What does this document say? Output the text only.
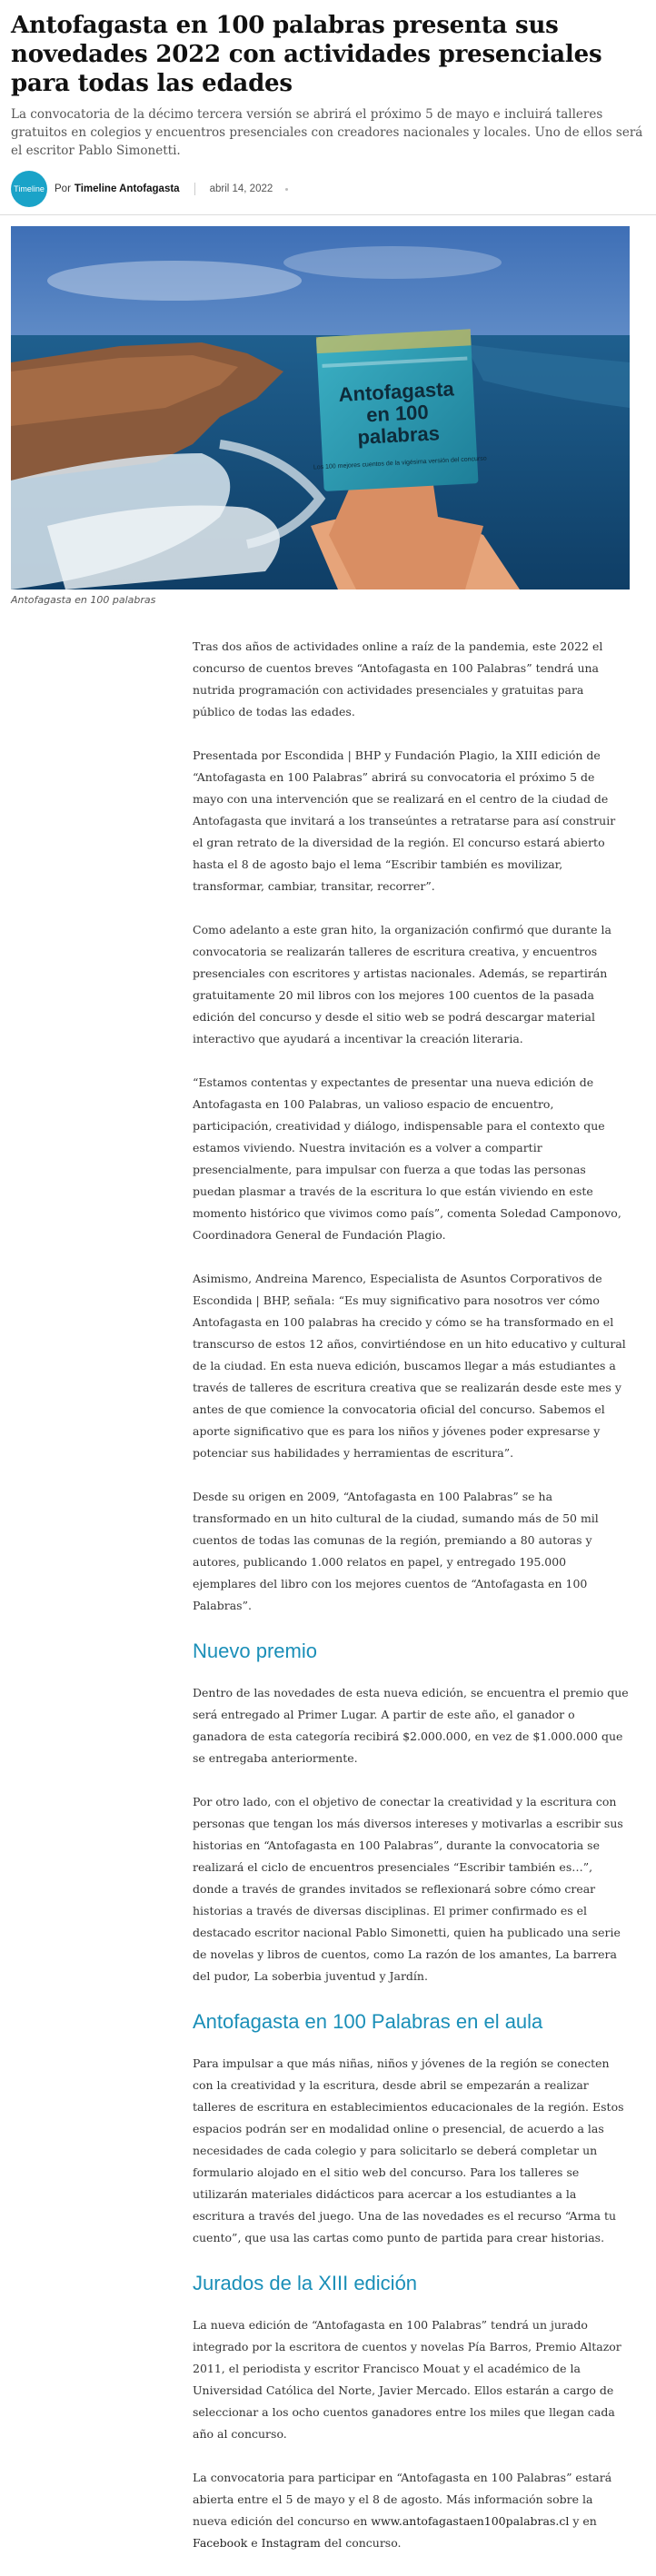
Antofagasta en 100 palabras presenta sus novedades 2022 con actividades presenciales para todas las edades
La convocatoria de la décimo tercera versión se abrirá el próximo 5 de mayo e incluirá talleres gratuitos en colegios y encuentros presenciales con creadores nacionales y locales. Uno de ellos será el escritor Pablo Simonetti.
Timeline Por Timeline Antofagasta	abril 14, 2022
Antofagasta
en 100
palabras
Los 100 mejores cuentos de la vigésima versión del concurso
Antofagasta en 100 palabras

Tras dos años de actividades online a raíz de la pandemia, este 2022 el concurso de cuentos breves “Antofagasta en 100 Palabras” tendrá una nutrida programación con actividades presenciales y gratuitas para público de todas las edades.

Presentada por Escondida | BHP y Fundación Plagio, la XIII edición de “Antofagasta en 100 Palabras” abrirá su convocatoria el próximo 5 de mayo con una intervención que se realizará en el centro de la ciudad de Antofagasta que invitará a los transeúntes a retratarse para así construir el gran retrato de la diversidad de la región. El concurso estará abierto hasta el 8 de agosto bajo el lema “Escribir también es movilizar, transformar, cambiar, transitar, recorrer”.

Como adelanto a este gran hito, la organización confirmó que durante la convocatoria se realizarán talleres de escritura creativa, y encuentros presenciales con escritores y artistas nacionales. Además, se repartirán gratuitamente 20 mil libros con los mejores 100 cuentos de la pasada edición del concurso y desde el sitio web se podrá descargar material interactivo que ayudará a incentivar la creación literaria.

“Estamos contentas y expectantes de presentar una nueva edición de Antofagasta en 100 Palabras, un valioso espacio de encuentro, participación, creatividad y diálogo, indispensable para el contexto que estamos viviendo. Nuestra invitación es a volver a compartir presencialmente, para impulsar con fuerza a que todas las personas puedan plasmar a través de la escritura lo que están viviendo en este momento histórico que vivimos como país”, comenta Soledad Camponovo, Coordinadora General de Fundación Plagio.

Asimismo, Andreina Marenco, Especialista de Asuntos Corporativos de Escondida | BHP, señala: “Es muy significativo para nosotros ver cómo Antofagasta en 100 palabras ha crecido y cómo se ha transformado en el transcurso de estos 12 años, convirtiéndose en un hito educativo y cultural de la ciudad. En esta nueva edición, buscamos llegar a más estudiantes a través de talleres de escritura creativa que se realizarán desde este mes y antes de que comience la convocatoria oficial del concurso. Sabemos el aporte significativo que es para los niños y jóvenes poder expresarse y potenciar sus habilidades y herramientas de escritura”.

Desde su origen en 2009, “Antofagasta en 100 Palabras” se ha transformado en un hito cultural de la ciudad, sumando más de 50 mil cuentos de todas las comunas de la región, premiando a 80 autoras y autores, publicando 1.000 relatos en papel, y entregado 195.000 ejemplares del libro con los mejores cuentos de “Antofagasta en 100 Palabras”.

Nuevo premio

Dentro de las novedades de esta nueva edición, se encuentra el premio que será entregado al Primer Lugar. A partir de este año, el ganador o ganadora de esta categoría recibirá $2.000.000, en vez de $1.000.000 que se entregaba anteriormente.

Por otro lado, con el objetivo de conectar la creatividad y la escritura con personas que tengan los más diversos intereses y motivarlas a escribir sus historias en “Antofagasta en 100 Palabras”, durante la convocatoria se realizará el ciclo de encuentros presenciales “Escribir también es…”, donde a través de grandes invitados se reflexionará sobre cómo crear historias a través de diversas disciplinas. El primer confirmado es el destacado escritor nacional Pablo Simonetti, quien ha publicado una serie de novelas y libros de cuentos, como La razón de los amantes, La barrera del pudor, La soberbia juventud y Jardín.

Antofagasta en 100 Palabras en el aula

Para impulsar a que más niñas, niños y jóvenes de la región se conecten con la creatividad y la escritura, desde abril se empezarán a realizar talleres de escritura en establecimientos educacionales de la región. Estos espacios podrán ser en modalidad online o presencial, de acuerdo a las necesidades de cada colegio y para solicitarlo se deberá completar un formulario alojado en el sitio web del concurso. Para los talleres se utilizarán materiales didácticos para acercar a los estudiantes a la escritura a través del juego. Una de las novedades es el recurso “Arma tu cuento”, que usa las cartas como punto de partida para crear historias.

Jurados de la XIII edición

La nueva edición de “Antofagasta en 100 Palabras” tendrá un jurado integrado por la escritora de cuentos y novelas Pía Barros, Premio Altazor 2011, el periodista y escritor Francisco Mouat y el académico de la Universidad Católica del Norte, Javier Mercado. Ellos estarán a cargo de seleccionar a los ocho cuentos ganadores entre los miles que llegan cada año al concurso.

La convocatoria para participar en “Antofagasta en 100 Palabras” estará abierta entre el 5 de mayo y el 8 de agosto. Más información sobre la nueva edición del concurso en www.antofagastaen100palabras.cl y en Facebook e Instagram del concurso.
